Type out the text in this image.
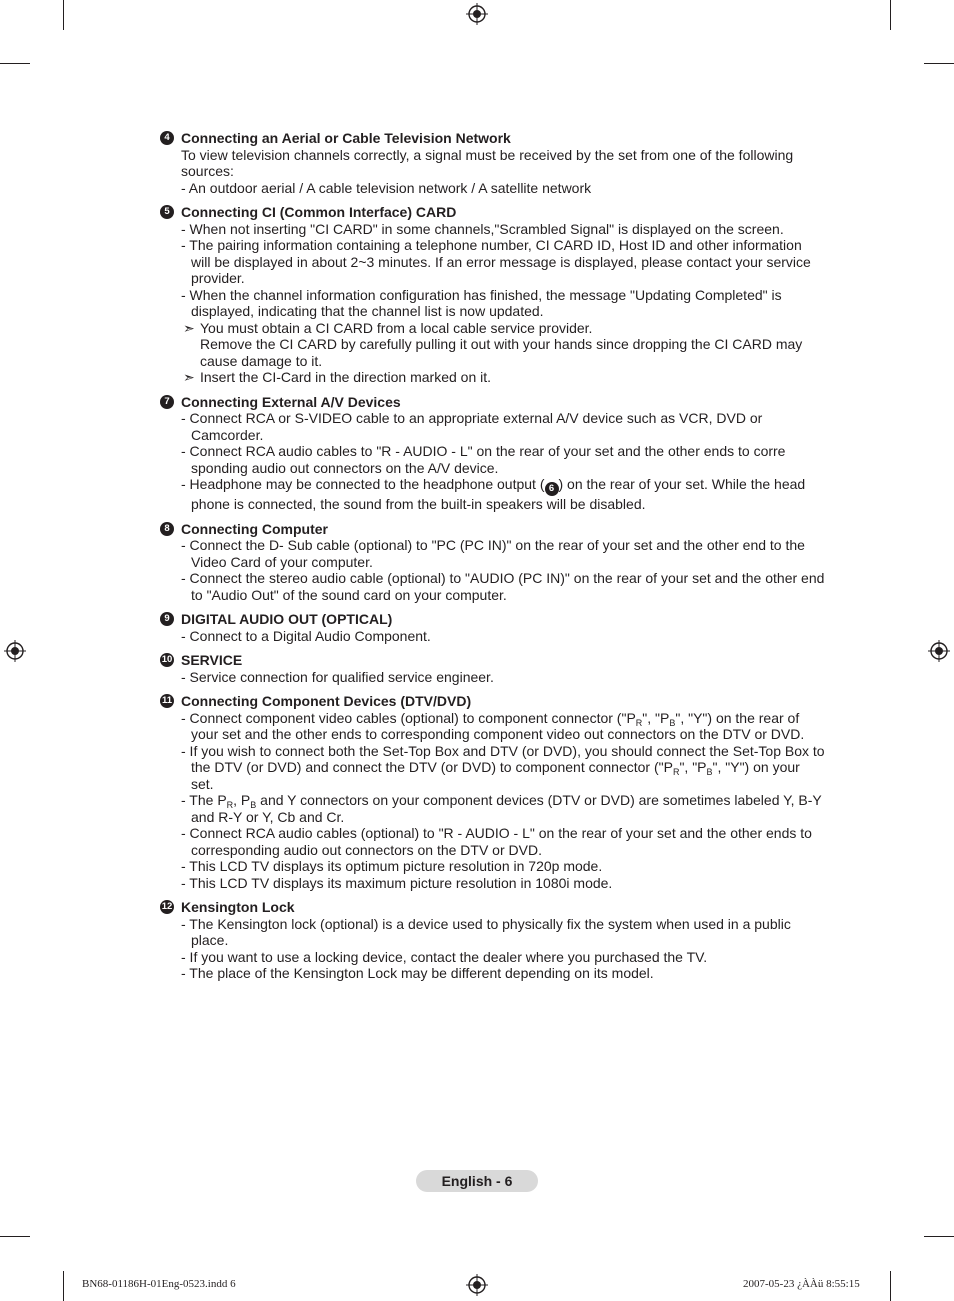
4 Connecting an Aerial or Cable Television Network
To view television channels correctly, a signal must be received by the set from one of the following sources:
- An outdoor aerial / A cable television network / A satellite network
5 Connecting CI (Common Interface) CARD
- When not inserting "CI CARD" in some channels,"Scrambled Signal" is displayed on the screen.
- The pairing information containing a telephone number, CI CARD ID, Host ID and other information will be displayed in about 2~3 minutes. If an error message is displayed, please contact your service provider.
- When the channel information configuration has finished, the message "Updating Completed" is displayed, indicating that the channel list is now updated.
➣ You must obtain a CI CARD from a local cable service provider.
Remove the CI CARD by carefully pulling it out with your hands since dropping the CI CARD may cause damage to it.
➣ Insert the CI-Card in the direction marked on it.
7 Connecting External A/V Devices
- Connect RCA or S-VIDEO cable to an appropriate external A/V device such as VCR, DVD or Camcorder.
- Connect RCA audio cables to "R - AUDIO - L" on the rear of your set and the other ends to corre sponding audio out connectors on the A/V device.
- Headphone may be connected to the headphone output ( 6 ) on the rear of your set. While the head phone is connected, the sound from the built-in speakers will be disabled.
8 Connecting Computer
- Connect the D- Sub cable (optional) to "PC (PC IN)" on the rear of your set and the other end to the Video Card of your computer.
- Connect the stereo audio cable (optional) to "AUDIO (PC IN)" on the rear of your set and the other end to "Audio Out" of the sound card on your computer.
9 DIGITAL AUDIO OUT (OPTICAL)
- Connect to a Digital Audio Component.
10 SERVICE
- Service connection for qualified service engineer.
11 Connecting Component Devices (DTV/DVD)
- Connect component video cables (optional) to component connector ("$P_R$", "$P_B$", "Y") on the rear of your set and the other ends to corresponding component video out connectors on the DTV or DVD.
- If you wish to connect both the Set-Top Box and DTV (or DVD), you should connect the Set-Top Box to the DTV (or DVD) and connect the DTV (or DVD) to component connector ("$P_R$", "$P_B$", "Y") on your set.
- The $P_R$, $P_B$ and Y connectors on your component devices (DTV or DVD) are sometimes labeled Y, B-Y and R-Y or Y, Cb and Cr.
- Connect RCA audio cables (optional) to "R - AUDIO - L" on the rear of your set and the other ends to corresponding audio out connectors on the DTV or DVD.
- This LCD TV displays its optimum picture resolution in 720p mode.
- This LCD TV displays its maximum picture resolution in 1080i mode.
12 Kensington Lock
- The Kensington lock (optional) is a device used to physically fix the system when used in a public place.
- If you want to use a locking device, contact the dealer where you purchased the TV.
- The place of the Kensington Lock may be different depending on its model.
English - 6
BN68-01186H-01Eng-0523.indd 6	2007-05-23 ¿ÀÀü 8:55:15
